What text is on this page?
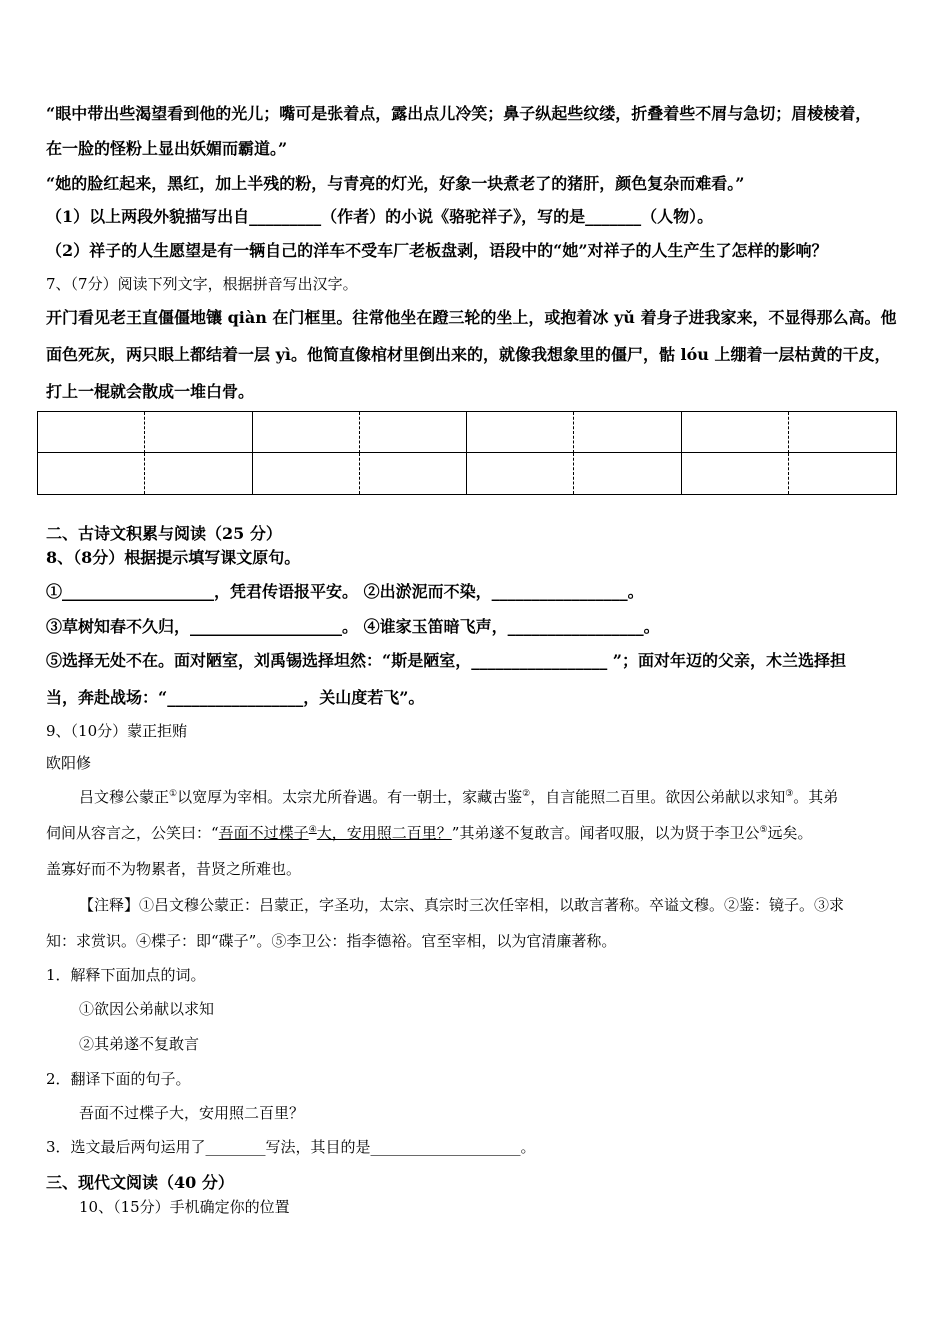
“眼中带出些渴望看到他的光儿；嘴可是张着点，露出点儿冷笑；鼻子纵起些纹缕，折叠着些不屑与急切；眉棱棱着，
在一脸的怪粉上显出妖媚而霸道。”
“她的脸红起来，黑红，加上半残的粉，与青亮的灯光，好象一块煮老了的猪肝，颜色复杂而难看。”
（1）以上两段外貌描写出自_________（作者）的小说《骆驼祥子》，写的是_______（人物）。
（2）祥子的人生愿望是有一辆自己的洋车不受车厂老板盘剥，语段中的“她”对祥子的人生产生了怎样的影响？
7、（7分）阅读下列文字，根据拼音写出汉字。
开门看见老王直僵僵地镶 qiàn 在门框里。往常他坐在蹬三轮的坐上，或抱着冰 yǔ 着身子进我家来，不显得那么高。他
面色死灰，两只眼上都结着一层 yì。他简直像棺材里倒出来的，就像我想象里的僵尸，骷 lóu 上绷着一层枯黄的干皮，
打上一棍就会散成一堆白骨。
二、古诗文积累与阅读（25 分）
8、（8分）根据提示填写课文原句。
①___________________，凭君传语报平安。 ②出淤泥而不染，_________________。
③草树知春不久归，___________________。 ④谁家玉笛暗飞声，_________________。
⑤选择无处不在。面对陋室，刘禹锡选择坦然：“斯是陋室，_________________ ”；面对年迈的父亲，木兰选择担
当，奔赴战场：“_________________，关山度若飞”。
9、（10分）蒙正拒贿
欧阳修
吕文穆公蒙正①以宽厚为宰相。太宗尤所眷遇。有一朝士，家藏古鉴②，自言能照二百里。欲因公弟献以求知③。其弟
伺间从容言之，公笑曰：“吾面不过楪子④大，安用照二百里？”其弟遂不复敢言。闻者叹服，以为贤于李卫公⑤远矣。
盖寡好而不为物累者，昔贤之所难也。
【注释】①吕文穆公蒙正：吕蒙正，字圣功，太宗、真宗时三次任宰相，以敢言著称。卒谥文穆。②鉴：镜子。③求
知：求赏识。④楪子：即“碟子”。⑤李卫公：指李德裕。官至宰相，以为官清廉著称。
1．解释下面加点的词。
①欲因公弟献以求知
②其弟遂不复敢言
2．翻译下面的句子。
吾面不过楪子大，安用照二百里？
3．选文最后两句运用了________写法，其目的是____________________。
三、现代文阅读（40 分）
10、（15分）手机确定你的位置
